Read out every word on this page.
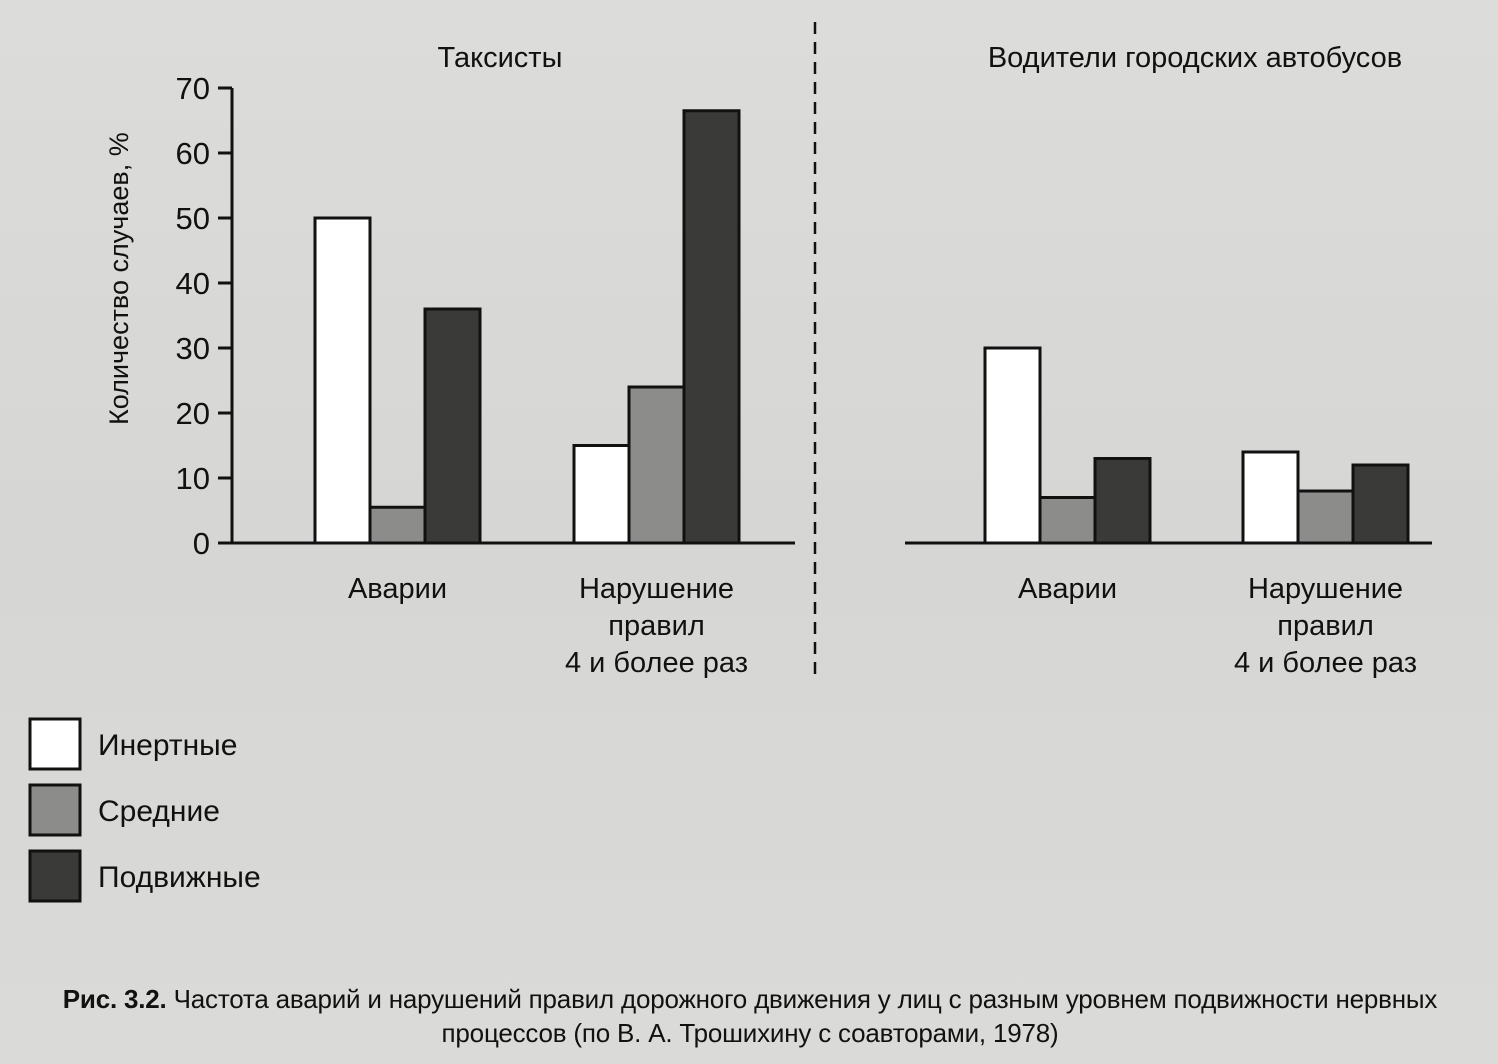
Количество случаев, %
0
10
20
30
40
50
60
70
Таксисты
Аварии	Нарушение
правил
4 и более раз
Водители городских автобусов
Аварии	Нарушение
правил
4 и более раз
Инертные
Средние
Подвижные
Рис. 3.2. Частота аварий и нарушений правил дорожного движения у лиц с разным уровнем подвижности нервных процессов (по В. А. Трошихину с соавторами, 1978)
